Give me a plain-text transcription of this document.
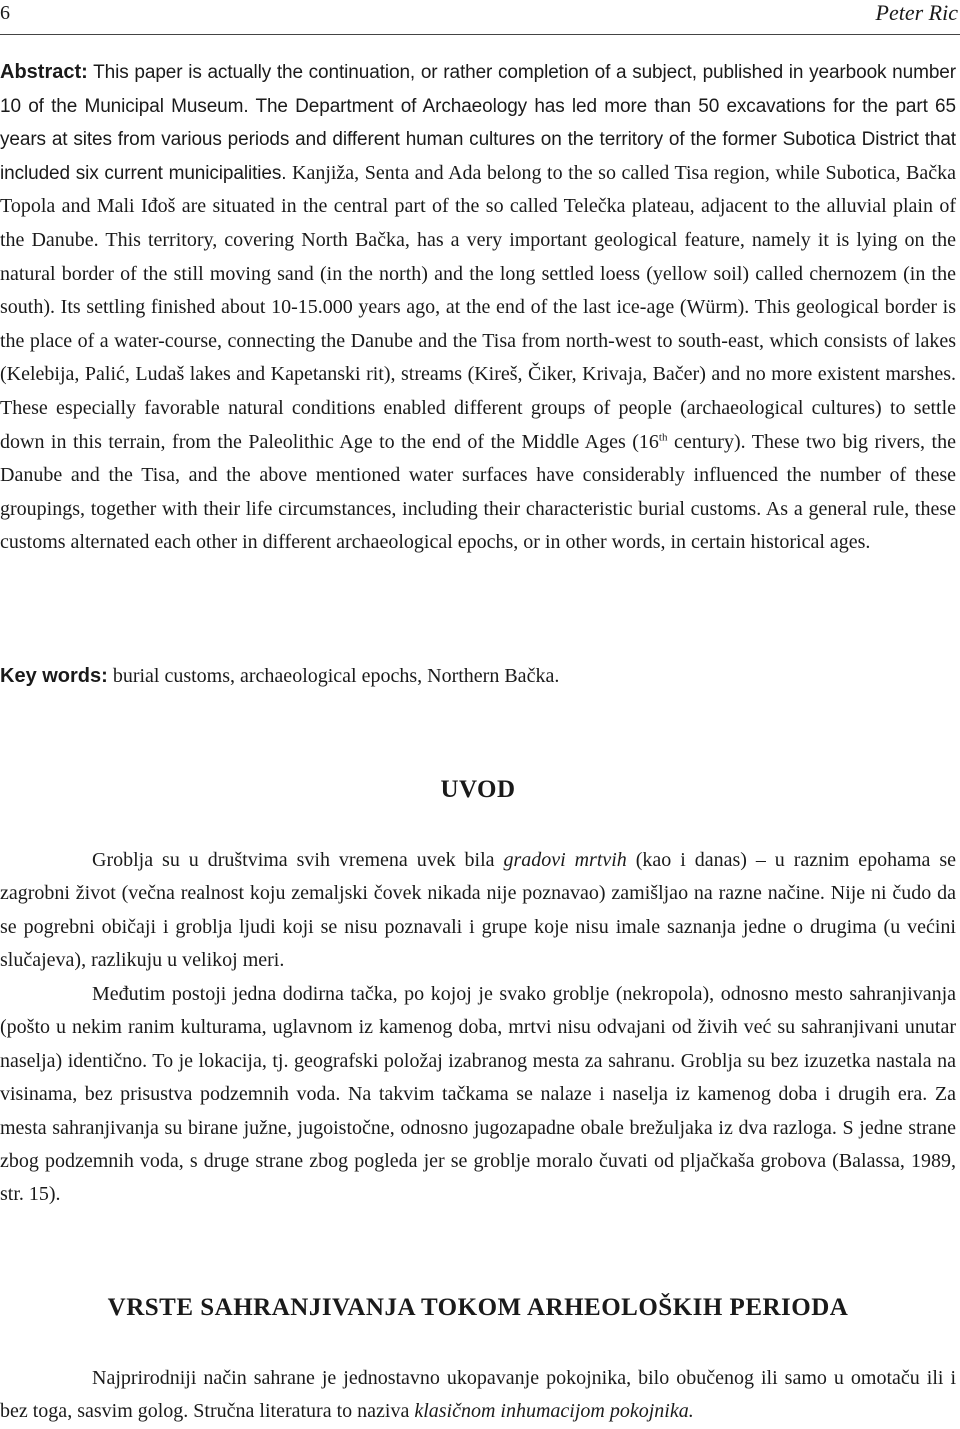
6	Peter Ric

Abstract: This paper is actually the continuation, or rather completion of a subject, published in yearbook number 10 of the Municipal Museum. The Department of Archaeology has led more than 50 excavations for the part 65 years at sites from various periods and different human cultures on the territory of the former Subotica District that included six current municipalities. Kanjiža, Senta and Ada belong to the so called Tisa region, while Subotica, Bačka Topola and Mali Iđoš are situated in the central part of the so called Telečka plateau, adjacent to the alluvial plain of the Danube. This territory, covering North Bačka, has a very important geological feature, namely it is lying on the natural border of the still moving sand (in the north) and the long settled loess (yellow soil) called chernozem (in the south). Its settling finished about 10-15.000 years ago, at the end of the last ice-age (Würm). This geological border is the place of a water-course, connecting the Danube and the Tisa from north-west to south-east, which consists of lakes (Kelebija, Palić, Ludaš lakes and Kapetanski rit), streams (Kireš, Čiker, Krivaja, Bačer) and no more existent marshes. These especially favorable natural conditions enabled different groups of people (archaeological cultures) to settle down in this terrain, from the Paleolithic Age to the end of the Middle Ages (16th century). These two big rivers, the Danube and the Tisa, and the above mentioned water surfaces have considerably influenced the number of these groupings, together with their life circumstances, including their characteristic burial customs. As a general rule, these customs alternated each other in different archaeological epochs, or in other words, in certain historical ages.

Key words: burial customs, archaeological epochs, Northern Bačka.

UVOD

Groblja su u društvima svih vremena uvek bila gradovi mrtvih (kao i danas) – u raznim epohama se zagrobni život (večna realnost koju zemaljski čovek nikada nije poznavao) zamišljao na razne načine. Nije ni čudo da se pogrebni običaji i groblja ljudi koji se nisu poznavali i grupe koje nisu imale saznanja jedne o drugima (u većini slučajeva), razlikuju u velikoj meri.

Međutim postoji jedna dodirna tačka, po kojoj je svako groblje (nekropola), odnosno mesto sahranjivanja (pošto u nekim ranim kulturama, uglavnom iz kamenog doba, mrtvi nisu odvajani od živih već su sahranjivani unutar naselja) identično. To je lokacija, tj. geografski položaj izabranog mesta za sahranu. Groblja su bez izuzetka nastala na visinama, bez prisustva podzemnih voda. Na takvim tačkama se nalaze i naselja iz kamenog doba i drugih era. Za mesta sahranjivanja su birane južne, jugoistočne, odnosno jugozapadne obale brežuljaka iz dva razloga. S jedne strane zbog podzemnih voda, s druge strane zbog pogleda jer se groblje moralo čuvati od pljačkaša grobova (Balassa, 1989, str. 15).

VRSTE SAHRANJIVANJA TOKOM ARHEOLOŠKIH PERIODA

Najprirodniji način sahrane je jednostavno ukopavanje pokojnika, bilo obučenog ili samo u omotaču ili i bez toga, sasvim golog. Stručna literatura to naziva klasičnom inhumacijom pokojnika.
